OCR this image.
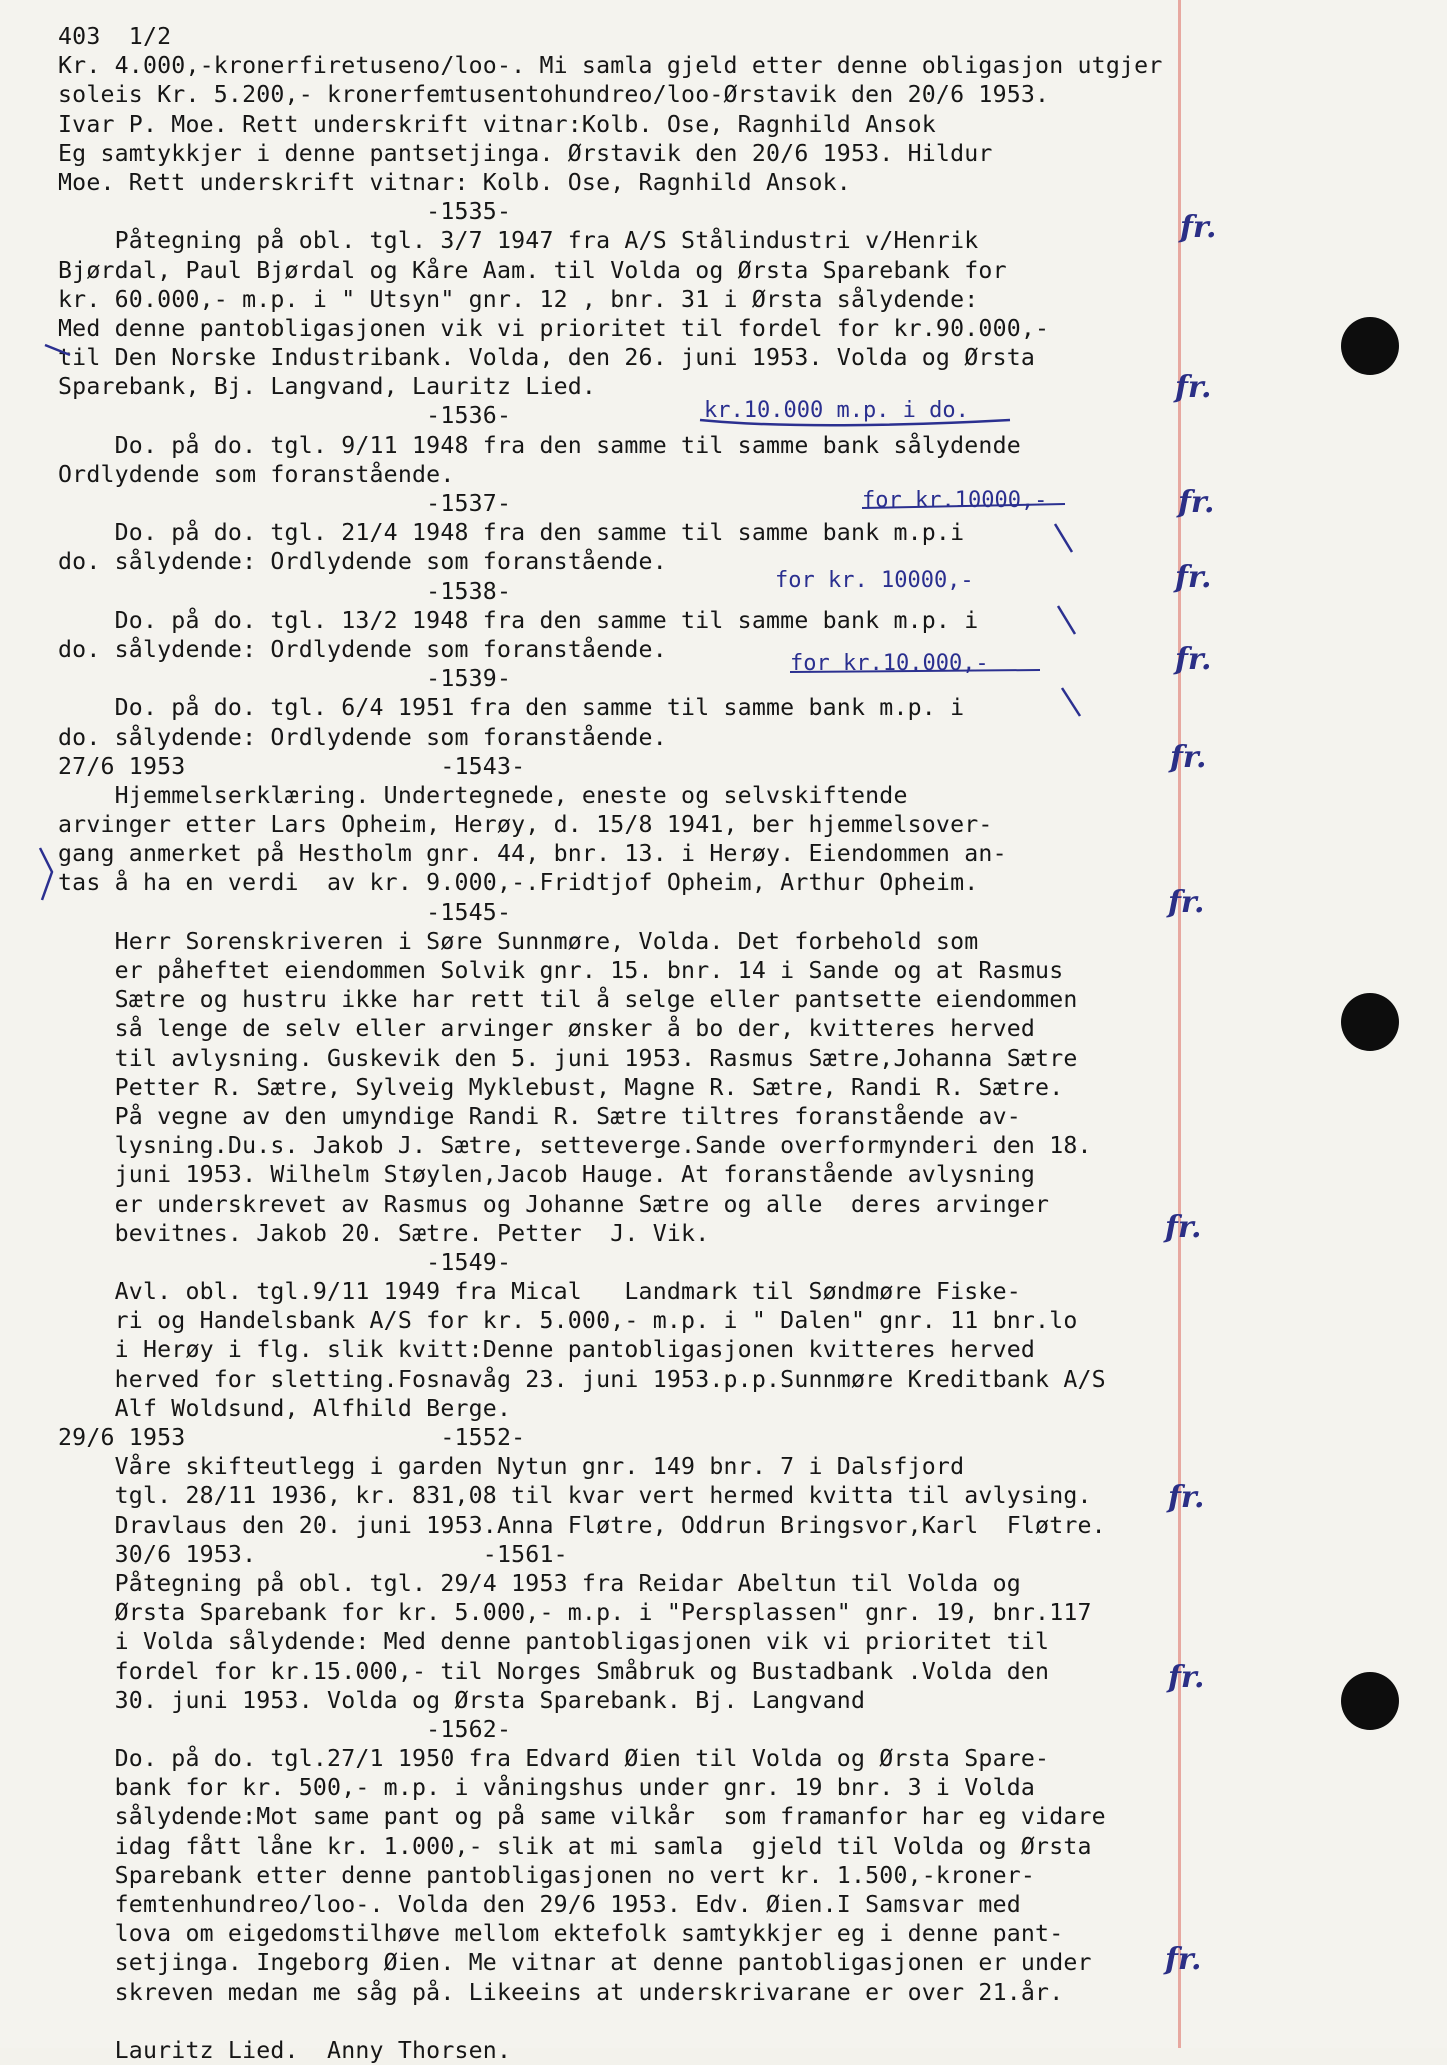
403  1/2
Kr. 4.000,-kronerfiretuseno/loo-. Mi samla gjeld etter denne obligasjon utgjer
soleis Kr. 5.200,- kronerfemtusentohundreo/loo-Ørstavik den 20/6 1953.
Ivar P. Moe. Rett underskrift vitnar:Kolb. Ose, Ragnhild Ansok
Eg samtykkjer i denne pantsetjinga. Ørstavik den 20/6 1953. Hildur
Moe. Rett underskrift vitnar: Kolb. Ose, Ragnhild Ansok.
-1535-
Påtegning på obl. tgl. 3/7 1947 fra A/S Stålindustri v/Henrik
Bjørdal, Paul Bjørdal og Kåre Aam. til Volda og Ørsta Sparebank for
kr. 60.000,- m.p. i " Utsyn" gnr. 12 , bnr. 31 i Ørsta sålydende:
Med denne pantobligasjonen vik vi prioritet til fordel for kr.90.000,-
til Den Norske Industribank. Volda, den 26. juni 1953. Volda og Ørsta
Sparebank, Bj. Langvand, Lauritz Lied.
-1536-
Do. på do. tgl. 9/11 1948 fra den samme til samme bank sålydende
Ordlydende som foranstående.
-1537-
Do. på do. tgl. 21/4 1948 fra den samme til samme bank m.p.i
do. sålydende: Ordlydende som foranstående.
-1538-
Do. på do. tgl. 13/2 1948 fra den samme til samme bank m.p. i
do. sålydende: Ordlydende som foranstående.
-1539-
Do. på do. tgl. 6/4 1951 fra den samme til samme bank m.p. i
do. sålydende: Ordlydende som foranstående.
27/6 1953                  -1543-
Hjemmelserklæring. Undertegnede, eneste og selvskiftende
arvinger etter Lars Opheim, Herøy, d. 15/8 1941, ber hjemmelsover-
gang anmerket på Hestholm gnr. 44, bnr. 13. i Herøy. Eiendommen an-
tas å ha en verdi  av kr. 9.000,-.Fridtjof Opheim, Arthur Opheim.
-1545-
Herr Sorenskriveren i Søre Sunnmøre, Volda. Det forbehold som
er påheftet eiendommen Solvik gnr. 15. bnr. 14 i Sande og at Rasmus
Sætre og hustru ikke har rett til å selge eller pantsette eiendommen
så lenge de selv eller arvinger ønsker å bo der, kvitteres herved
til avlysning. Guskevik den 5. juni 1953. Rasmus Sætre,Johanna Sætre
Petter R. Sætre, Sylveig Myklebust, Magne R. Sætre, Randi R. Sætre.
På vegne av den umyndige Randi R. Sætre tiltres foranstående av-
lysning.Du.s. Jakob J. Sætre, setteverge.Sande overformynderi den 18.
juni 1953. Wilhelm Støylen,Jacob Hauge. At foranstående avlysning
er underskrevet av Rasmus og Johanne Sætre og alle  deres arvinger
bevitnes. Jakob 20. Sætre. Petter  J. Vik.
-1549-
Avl. obl. tgl.9/11 1949 fra Mical   Landmark til Søndmøre Fiske-
ri og Handelsbank A/S for kr. 5.000,- m.p. i " Dalen" gnr. 11 bnr.lo
i Herøy i flg. slik kvitt:Denne pantobligasjonen kvitteres herved
herved for sletting.Fosnavåg 23. juni 1953.p.p.Sunnmøre Kreditbank A/S
Alf Woldsund, Alfhild Berge.
29/6 1953                  -1552-
Våre skifteutlegg i garden Nytun gnr. 149 bnr. 7 i Dalsfjord
tgl. 28/11 1936, kr. 831,08 til kvar vert hermed kvitta til avlysing.
Dravlaus den 20. juni 1953.Anna Fløtre, Oddrun Bringsvor,Karl  Fløtre.
30/6 1953.                -1561-
Påtegning på obl. tgl. 29/4 1953 fra Reidar Abeltun til Volda og
Ørsta Sparebank for kr. 5.000,- m.p. i "Persplassen" gnr. 19, bnr.117
i Volda sålydende: Med denne pantobligasjonen vik vi prioritet til
fordel for kr.15.000,- til Norges Småbruk og Bustadbank .Volda den
30. juni 1953. Volda og Ørsta Sparebank. Bj. Langvand
-1562-
Do. på do. tgl.27/1 1950 fra Edvard Øien til Volda og Ørsta Spare-
bank for kr. 500,- m.p. i våningshus under gnr. 19 bnr. 3 i Volda
sålydende:Mot same pant og på same vilkår  som framanfor har eg vidare
idag fått låne kr. 1.000,- slik at mi samla  gjeld til Volda og Ørsta
Sparebank etter denne pantobligasjonen no vert kr. 1.500,-kroner-
femtenhundreo/loo-. Volda den 29/6 1953. Edv. Øien.I Samsvar med
lova om eigedomstilhøve mellom ektefolk samtykkjer eg i denne pant-
setjinga. Ingeborg Øien. Me vitnar at denne pantobligasjonen er under
skreven medan me såg på. Likeeins at underskrivarane er over 21.år.
Lauritz Lied.  Anny Thorsen.
kr.10.000 m.p. i do.
for kr.10000,-
for kr. 10000,-
for kr.10.000,-
fr.
fr.
fr.
fr.
fr.
fr.
fr.
fr.
fr.
fr.
fr.
